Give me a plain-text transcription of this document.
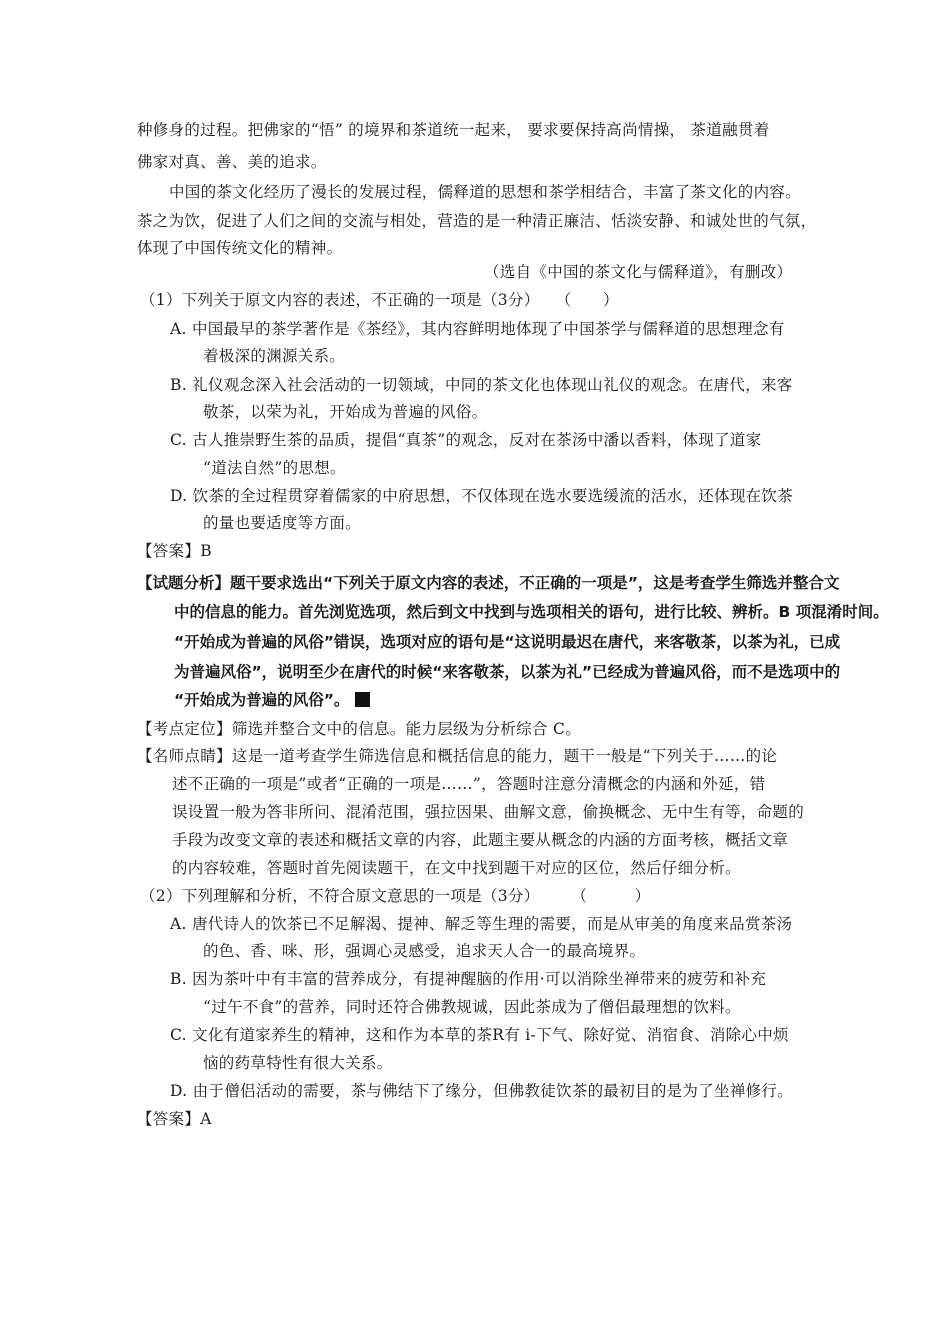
种修身的过程。把佛家的“悟” 的境界和茶道统一起来， 要求要保持高尚情操， 茶道融贯着
佛家对真、善、美的追求。
中国的茶文化经历了漫长的发展过程，儒释道的思想和茶学相结合，丰富了茶文化的内容。
茶之为饮，促进了人们之间的交流与相处，营造的是一种清正廉洁、恬淡安静、和诚处世的气氛，
体现了中国传统文化的精神。
（选自《中国的茶文化与儒释道》，有删改）
（1）下列关于原文内容的表述，不正确的一项是（3分）　　（　　）
A. 中国最早的茶学著作是《茶经》，其内容鲜明地体现了中国茶学与儒释道的思想理念有
着极深的渊源关系。
B. 礼仪观念深入社会活动的一切领域，中同的茶文化也体现山礼仪的观念。在唐代，来客
敬茶，以荣为礼，开始成为普遍的风俗。
C. 古人推崇野生茶的品质，提倡“真茶”的观念，反对在茶汤中潘以香料，体现了道家
“道法自然”的思想。
D. 饮茶的全过程贯穿着儒家的中府思想，不仅体现在选水要选缓流的活水，还体现在饮茶
的量也要适度等方面。
【答案】B
【试题分析】题干要求选出“下列关于原文内容的表述，不正确的一项是”，这是考查学生筛选并整合文
中的信息的能力。首先浏览选项，然后到文中找到与选项相关的语句，进行比较、辨析。B 项混淆时间。
“开始成为普遍的风俗”错误，选项对应的语句是“这说明最迟在唐代，来客敬茶，以茶为礼，已成
为普遍风俗”，说明至少在唐代的时候“来客敬茶，以茶为礼”已经成为普遍风俗，而不是选项中的
“开始成为普遍的风俗”。
【考点定位】筛选并整合文中的信息。能力层级为分析综合 C。
【名师点睛】这是一道考查学生筛选信息和概括信息的能力，题干一般是“下列关于……的论
述不正确的一项是”或者“正确的一项是……”，答题时注意分清概念的内涵和外延，错
误设置一般为答非所问、混淆范围，强拉因果、曲解文意，偷换概念、无中生有等，命题的
手段为改变文章的表述和概括文章的内容，此题主要从概念的内涵的方面考核，概括文章
的内容较难，答题时首先阅读题干，在文中找到题干对应的区位，然后仔细分析。
（2）下列理解和分析，不符合原文意思的一项是（3分）　　　（　　　）
A. 唐代诗人的饮茶已不足解渴、提神、解乏等生理的需要，而是从审美的角度来品赏茶汤
的色、香、咪、形，强调心灵感受，追求天人合一的最高境界。
B. 因为茶叶中有丰富的营养成分，有提神醒脑的作用·可以消除坐禅带来的疲劳和补充
“过午不食”的营养，同时还符合佛教规诚，因此茶成为了僧侣最理想的饮料。
C. 文化有道家养生的精神，这和作为本草的茶R有 i-下气、除好觉、消宿食、消除心中烦
恼的药草特性有很大关系。
D. 由于僧侣活动的需要，茶与佛结下了缘分，但佛教徒饮茶的最初目的是为了坐禅修行。
【答案】A
